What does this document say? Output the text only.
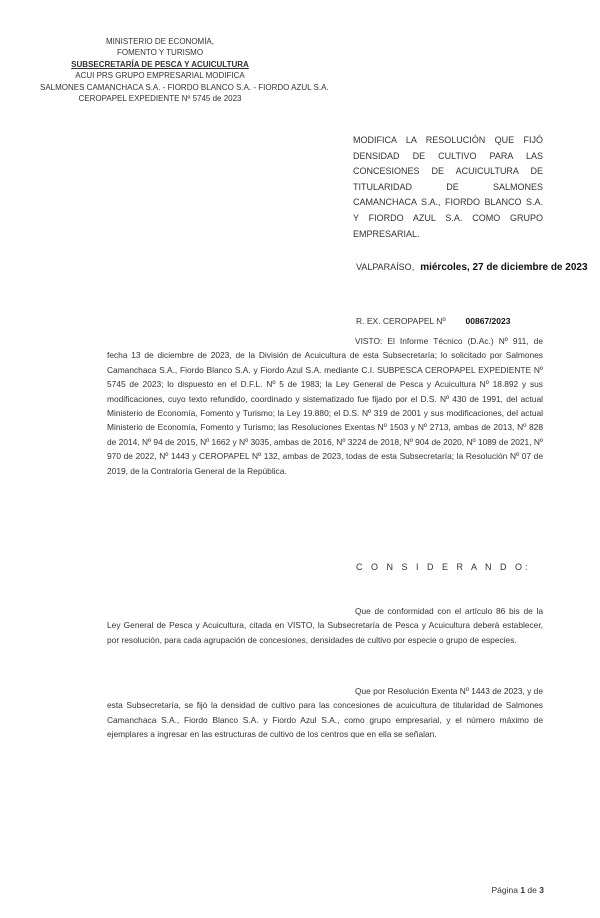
MINISTERIO DE ECONOMÍA,
FOMENTO Y TURISMO
SUBSECRETARÍA DE PESCA Y ACUICULTURA
ACUI PRS GRUPO EMPRESARIAL MODIFICA
SALMONES CAMANCHACA S.A. - FIORDO BLANCO S.A. - FIORDO AZUL S.A.
CEROPAPEL EXPEDIENTE Nº 5745 de 2023
MODIFICA LA RESOLUCIÓN QUE FIJÓ DENSIDAD DE CULTIVO PARA LAS CONCESIONES DE ACUICULTURA DE TITULARIDAD DE SALMONES CAMANCHACA S.A., FIORDO BLANCO S.A. Y FIORDO AZUL S.A. COMO GRUPO EMPRESARIAL.
VALPARAÍSO, miércoles, 27 de diciembre de 2023
R. EX. CEROPAPEL Nº 00867/2023
VISTO: El Informe Técnico (D.Ac.) Nº 911, de fecha 13 de diciembre de 2023, de la División de Acuicultura de esta Subsecretaría; lo solicitado por Salmones Camanchaca S.A., Fiordo Blanco S.A. y Fiordo Azul S.A. mediante C.I. SUBPESCA CEROPAPEL EXPEDIENTE Nº 5745 de 2023; lo dispuesto en el D.F.L. Nº 5 de 1983; la Ley General de Pesca y Acuicultura Nº 18.892 y sus modificaciones, cuyo texto refundido, coordinado y sistematizado fue fijado por el D.S. Nº 430 de 1991, del actual Ministerio de Economía, Fomento y Turismo; la Ley 19.880; el D.S. Nº 319 de 2001 y sus modificaciones, del actual Ministerio de Economía, Fomento y Turismo; las Resoluciones Exentas Nº 1503 y Nº 2713, ambas de 2013, Nº 828 de 2014, Nº 94 de 2015, Nº 1662 y Nº 3035, ambas de 2016, Nº 3224 de 2018, Nº 904 de 2020, Nº 1089 de 2021, Nº 970 de 2022, Nº 1443 y CEROPAPEL Nº 132, ambas de 2023, todas de esta Subsecretaría; la Resolución Nº 07 de 2019, de la Contraloría General de la República.
C O N S I D E R A N D O:
Que de conformidad con el artículo 86 bis de la Ley General de Pesca y Acuicultura, citada en VISTO, la Subsecretaría de Pesca y Acuicultura deberá establecer, por resolución, para cada agrupación de concesiones, densidades de cultivo por especie o grupo de especies.
Que por Resolución Exenta Nº 1443 de 2023, y de esta Subsecretaría, se fijó la densidad de cultivo para las concesiones de acuicultura de titularidad de Salmones Camanchaca S.A., Fiordo Blanco S.A. y Fiordo Azul S.A., como grupo empresarial, y el número máximo de ejemplares a ingresar en las estructuras de cultivo de los centros que en ella se señalan.
Página 1 de 3
